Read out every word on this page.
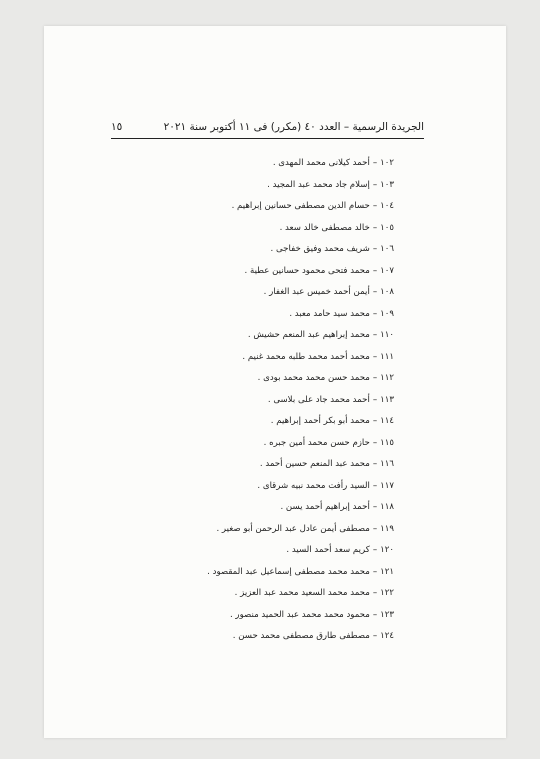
الجريدة الرسمية – العدد ٤٠ (مكرر) فى ١١ أكتوبر سنة ٢٠٢١
١٥
١٠٢–أحمد كيلانى محمد المهدى .
١٠٣–إسلام جاد محمد عبد المجيد .
١٠٤–حسام الدين مصطفى حسانين إبراهيم .
١٠٥–خالد مصطفى خالد سعد .
١٠٦–شريف محمد وفيق خفاجى .
١٠٧–محمد فتحى محمود حسانين عطية .
١٠٨–أيمن أحمد خميس عبد الغفار .
١٠٩–محمد سيد حامد معبد .
١١٠–محمد إبراهيم عبد المنعم حشيش .
١١١–محمد أحمد محمد طلبه محمد غنيم .
١١٢–محمد حسن محمد محمد بودى .
١١٣–أحمد محمد جاد على بلاسى .
١١٤–محمد أبو بكر أحمد إبراهيم .
١١٥–حازم حسن محمد أمين جبره .
١١٦–محمد عبد المنعم حسين أحمد .
١١٧–السيد رأفت محمد نبيه شرقاى .
١١٨–أحمد إبراهيم أحمد يسن .
١١٩–مصطفى أيمن عادل عبد الرحمن أبو صغير .
١٢٠–كريم سعد أحمد السيد .
١٢١–محمد محمد مصطفى إسماعيل عبد المقصود .
١٢٢–محمد محمد السعيد محمد عبد العزيز .
١٢٣–محمود محمد محمد عبد الحميد منصور .
١٢٤–مصطفى طارق مصطفى محمد حسن .
